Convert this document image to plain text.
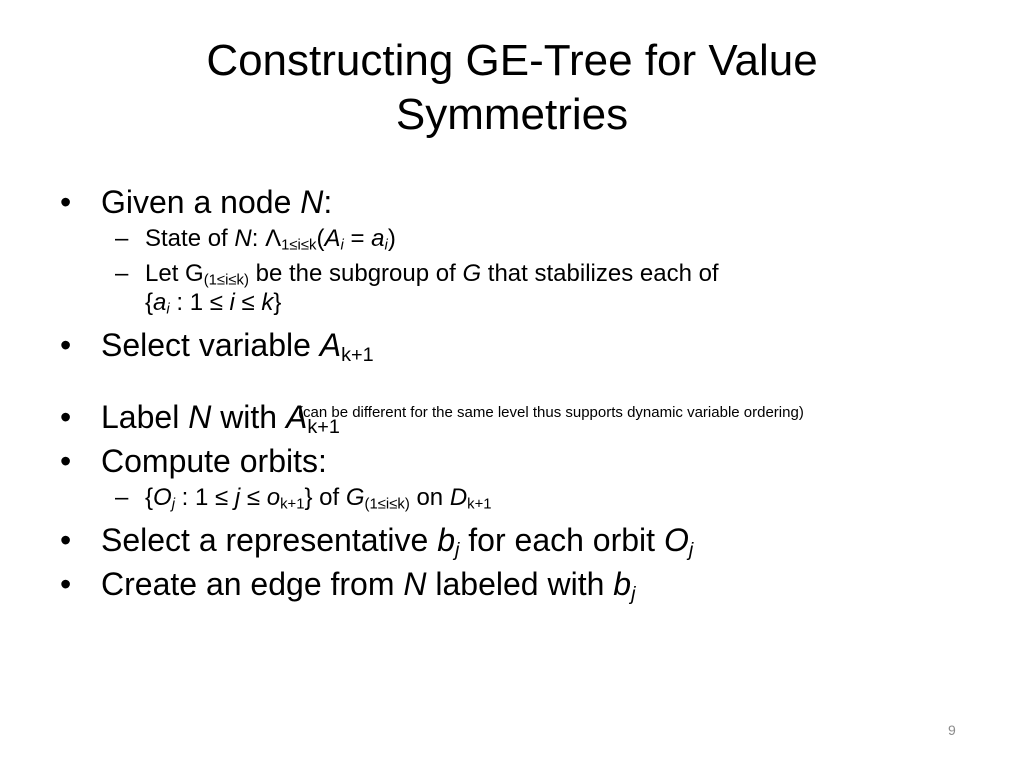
Constructing GE-Tree for Value
Symmetries
• Given a node N:
– State of N: $\Lambda_{1\le i\le k}(A_i = a_i)$
– Let $G_{(1\le i\le k)}$ be the subgroup of G that stabilizes each of
{$a_i$ : 1 ≤ i ≤ k}
• Select variable $A_{k+1}$
• Label N with $A_{k+1}$
• Compute orbits:
– {$O_j$ : $1 \le j \le o_{k+1}$} of $G_{(1\le i\le k)}$ on $D_{k+1}$
• Select a representative $b_j$ for each orbit $O_j$
• Create an edge from N labeled with $b_j$
(can be different for the same level thus supports dynamic variable ordering)
9
